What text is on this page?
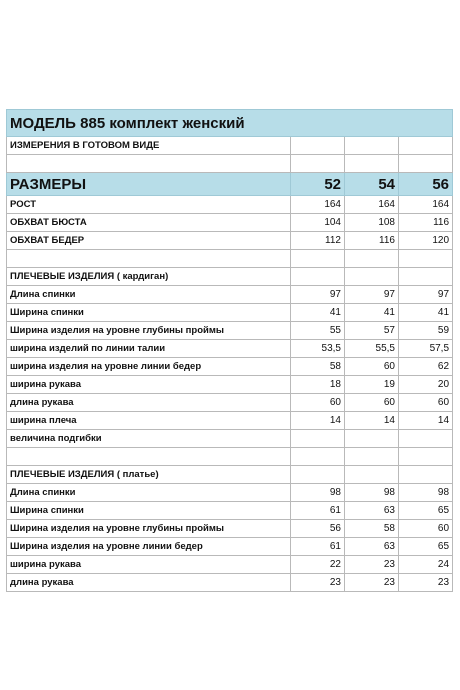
МОДЕЛЬ 885 комплект женский			
ИЗМЕРЕНИЯ В ГОТОВОМ ВИДЕ			

РАЗМЕРЫ	52	54	56
РОСТ	164	164	164
ОБХВАТ БЮСТА	104	108	116
ОБХВАТ БЕДЕР	112	116	120

ПЛЕЧЕВЫЕ ИЗДЕЛИЯ ( кардиган)			
Длина спинки	97	97	97
Ширина спинки	41	41	41
Ширина изделия на уровне глубины проймы	55	57	59
ширина изделий по линии талии	53,5	55,5	57,5
ширина изделия на уровне линии бедер	58	60	62
ширина рукава	18	19	20
длина рукава	60	60	60
ширина плеча	14	14	14
величина подгибки			

ПЛЕЧЕВЫЕ ИЗДЕЛИЯ ( платье)			
Длина спинки	98	98	98
Ширина спинки	61	63	65
Ширина изделия на уровне глубины проймы	56	58	60
Ширина изделия на уровне линии бедер	61	63	65
ширина рукава	22	23	24
длина рукава	23	23	23
